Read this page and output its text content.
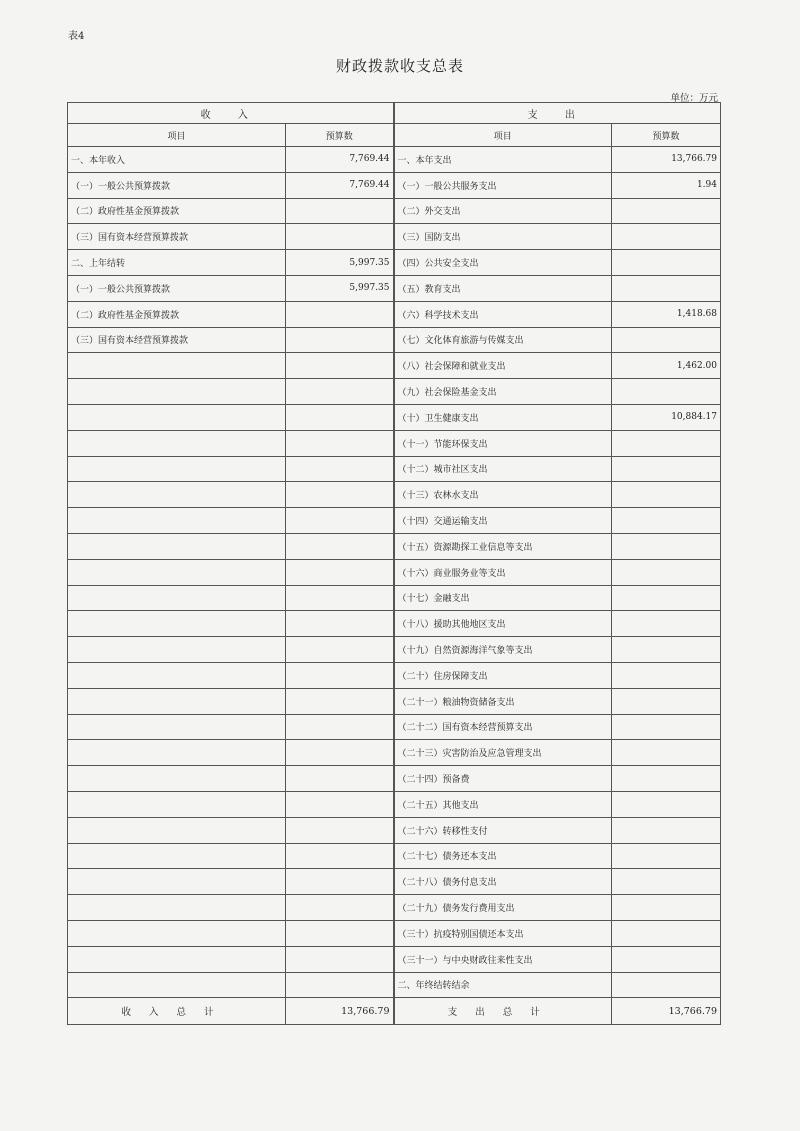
表4
财政拨款收支总表
单位：万元
收 入		支 出	
项目	预算数	项目	预算数
一、本年收入	7,769.44	一、本年支出	13,766.79
（一）一般公共预算拨款	7,769.44	（一）一般公共服务支出	1.94
（二）政府性基金预算拨款		（二）外交支出	
（三）国有资本经营预算拨款		（三）国防支出	
二、上年结转	5,997.35	（四）公共安全支出	
（一）一般公共预算拨款	5,997.35	（五）教育支出	
（二）政府性基金预算拨款		（六）科学技术支出	1,418.68
（三）国有资本经营预算拨款		（七）文化体育旅游与传媒支出	
		（八）社会保障和就业支出	1,462.00
		（九）社会保险基金支出	
		（十）卫生健康支出	10,884.17
		（十一）节能环保支出	
		（十二）城市社区支出	
		（十三）农林水支出	
		（十四）交通运输支出	
		（十五）资源勘探工业信息等支出	
		（十六）商业服务业等支出	
		（十七）金融支出	
		（十八）援助其他地区支出	
		（十九）自然资源海洋气象等支出	
		（二十）住房保障支出	
		（二十一）粮油物资储备支出	
		（二十二）国有资本经营预算支出	
		（二十三）灾害防治及应急管理支出	
		（二十四）预备费	
		（二十五）其他支出	
		（二十六）转移性支付	
		（二十七）债务还本支出	
		（二十八）债务付息支出	
		（二十九）债务发行费用支出	
		（三十）抗疫特别国债还本支出	
		（三十一）与中央财政往来性支出	
		二、年终结转结余	
收入总计	13,766.79	支出总计	13,766.79
